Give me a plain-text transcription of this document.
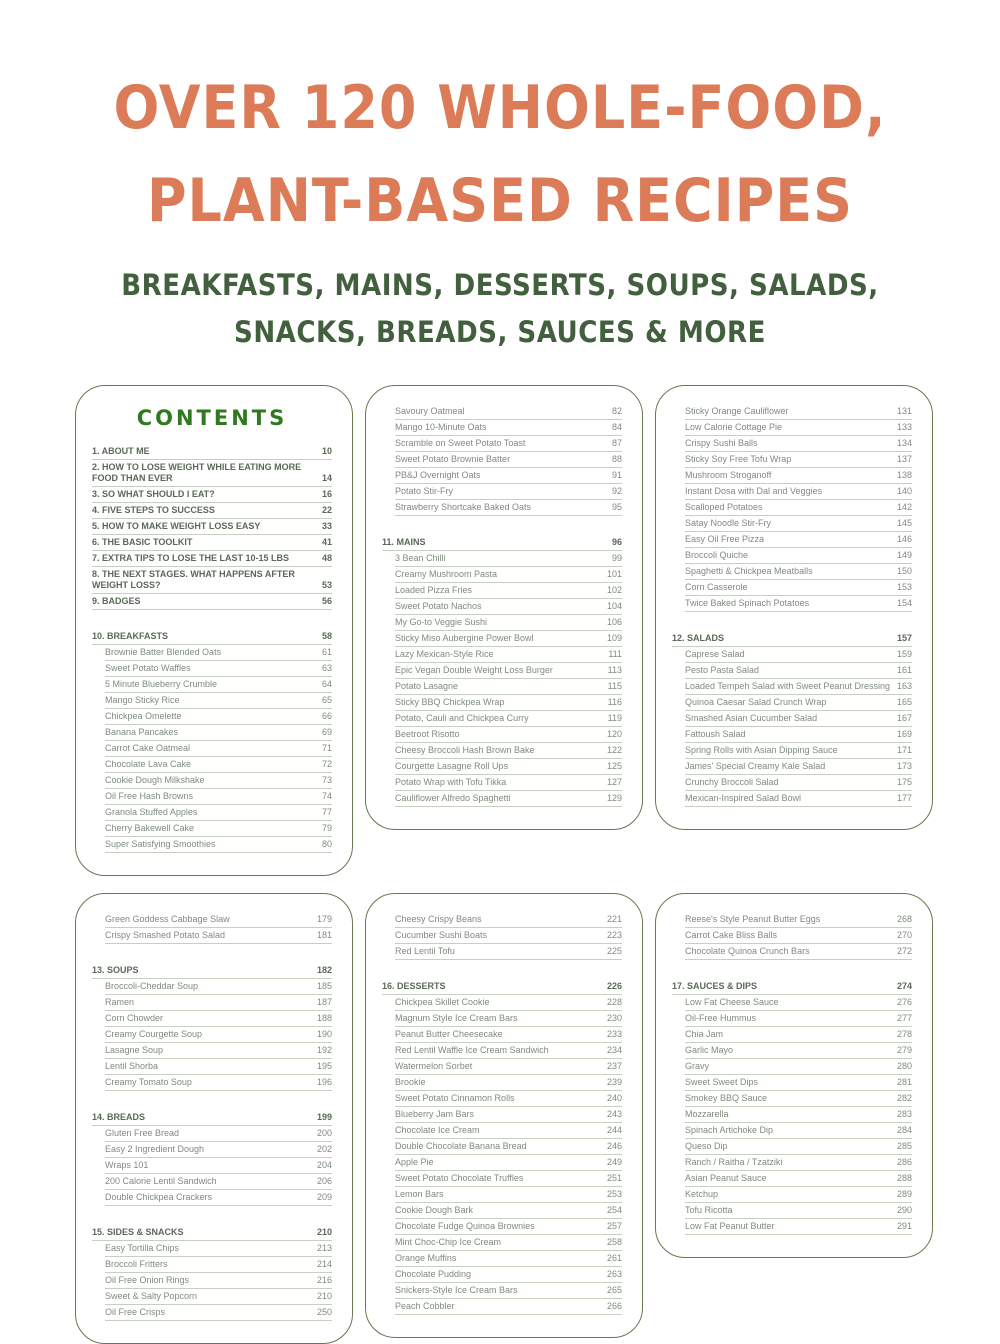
OVER 120 WHOLE-FOOD,
PLANT-BASED RECIPES
BREAKFASTS, MAINS, DESSERTS, SOUPS, SALADS,
SNACKS, BREADS, SAUCES & MORE
CONTENTS
1. ABOUT ME	10
2. HOW TO LOSE WEIGHT WHILE EATING MORE FOOD THAN EVER	14
3. SO WHAT SHOULD I EAT?	16
4. FIVE STEPS TO SUCCESS	22
5. HOW TO MAKE WEIGHT LOSS EASY	33
6. THE BASIC TOOLKIT	41
7. EXTRA TIPS TO LOSE THE LAST 10-15 LBS	48
8. THE NEXT STAGES. WHAT HAPPENS AFTER WEIGHT LOSS?	53
9. BADGES	56
10. BREAKFASTS	58
Brownie Batter Blended Oats	61
Sweet Potato Waffles	63
5 Minute Blueberry Crumble	64
Mango Sticky Rice	65
Chickpea Omelette	66
Banana Pancakes	69
Carrot Cake Oatmeal	71
Chocolate Lava Cake	72
Cookie Dough Milkshake	73
Oil Free Hash Browns	74
Granola Stuffed Apples	77
Cherry Bakewell Cake	79
Super Satisfying Smoothies	80
Savoury Oatmeal	82
Mango 10-Minute Oats	84
Scramble on Sweet Potato Toast	87
Sweet Potato Brownie Batter	88
PB&J Overnight Oats	91
Potato Stir-Fry	92
Strawberry Shortcake Baked Oats	95
11. MAINS	96
3 Bean Chilli	99
Creamy Mushroom Pasta	101
Loaded Pizza Fries	102
Sweet Potato Nachos	104
My Go-to Veggie Sushi	106
Sticky Miso Aubergine Power Bowl	109
Lazy Mexican-Style Rice	111
Epic Vegan Double Weight Loss Burger	113
Potato Lasagne	115
Sticky BBQ Chickpea Wrap	116
Potato, Cauli and Chickpea Curry	119
Beetroot Risotto	120
Cheesy Broccoli Hash Brown Bake	122
Courgette Lasagne Roll Ups	125
Potato Wrap with Tofu Tikka	127
Cauliflower Alfredo Spaghetti	129
Sticky Orange Cauliflower	131
Low Calorie Cottage Pie	133
Crispy Sushi Balls	134
Sticky Soy Free Tofu Wrap	137
Mushroom Stroganoff	138
Instant Dosa with Dal and Veggies	140
Scalloped Potatoes	142
Satay Noodle Stir-Fry	145
Easy Oil Free Pizza	146
Broccoli Quiche	149
Spaghetti & Chickpea Meatballs	150
Corn Casserole	153
Twice Baked Spinach Potatoes	154
12. SALADS	157
Caprese Salad	159
Pesto Pasta Salad	161
Loaded Tempeh Salad with Sweet Peanut Dressing 163
Quinoa Caesar Salad Crunch Wrap	165
Smashed Asian Cucumber Salad	167
Fattoush Salad	169
Spring Rolls with Asian Dipping Sauce	171
James' Special Creamy Kale Salad	173
Crunchy Broccoli Salad	175
Mexican-Inspired Salad Bowl	177
Green Goddess Cabbage Slaw	179
Crispy Smashed Potato Salad	181
13. SOUPS	182
Broccoli-Cheddar Soup	185
Ramen	187
Corn Chowder	188
Creamy Courgette Soup	190
Lasagne Soup	192
Lentil Shorba	195
Creamy Tomato Soup	196
14. BREADS	199
Gluten Free Bread	200
Easy 2 Ingredient Dough	202
Wraps 101	204
200 Calorie Lentil Sandwich	206
Double Chickpea Crackers	209
15. SIDES & SNACKS	210
Easy Tortilla Chips	213
Broccoli Fritters	214
Oil Free Onion Rings	216
Sweet & Salty Popcorn	210
Oil Free Crisps	250
Cheesy Crispy Beans	221
Cucumber Sushi Boats	223
Red Lentil Tofu	225
16. DESSERTS	226
Chickpea Skillet Cookie	228
Magnum Style Ice Cream Bars	230
Peanut Butter Cheesecake	233
Red Lentil Waffle Ice Cream Sandwich	234
Watermelon Sorbet	237
Brookie	239
Sweet Potato Cinnamon Rolls	240
Blueberry Jam Bars	243
Chocolate Ice Cream	244
Double Chocolate Banana Bread	246
Apple Pie	249
Sweet Potato Chocolate Truffles	251
Lemon Bars	253
Cookie Dough Bark	254
Chocolate Fudge Quinoa Brownies	257
Mint Choc-Chip Ice Cream	258
Orange Muffins	261
Chocolate Pudding	263
Snickers-Style Ice Cream Bars	265
Peach Cobbler	266
Reese's Style Peanut Butter Eggs	268
Carrot Cake Bliss Balls	270
Chocolate Quinoa Crunch Bars	272
17. SAUCES & DIPS	274
Low Fat Cheese Sauce	276
Oil-Free Hummus	277
Chia Jam	278
Garlic Mayo	279
Gravy	280
Sweet Sweet Dips	281
Smokey BBQ Sauce	282
Mozzarella	283
Spinach Artichoke Dip	284
Queso Dip	285
Ranch / Raitha / Tzatziki	286
Asian Peanut Sauce	288
Ketchup	289
Tofu Ricotta	290
Low Fat Peanut Butter	291
